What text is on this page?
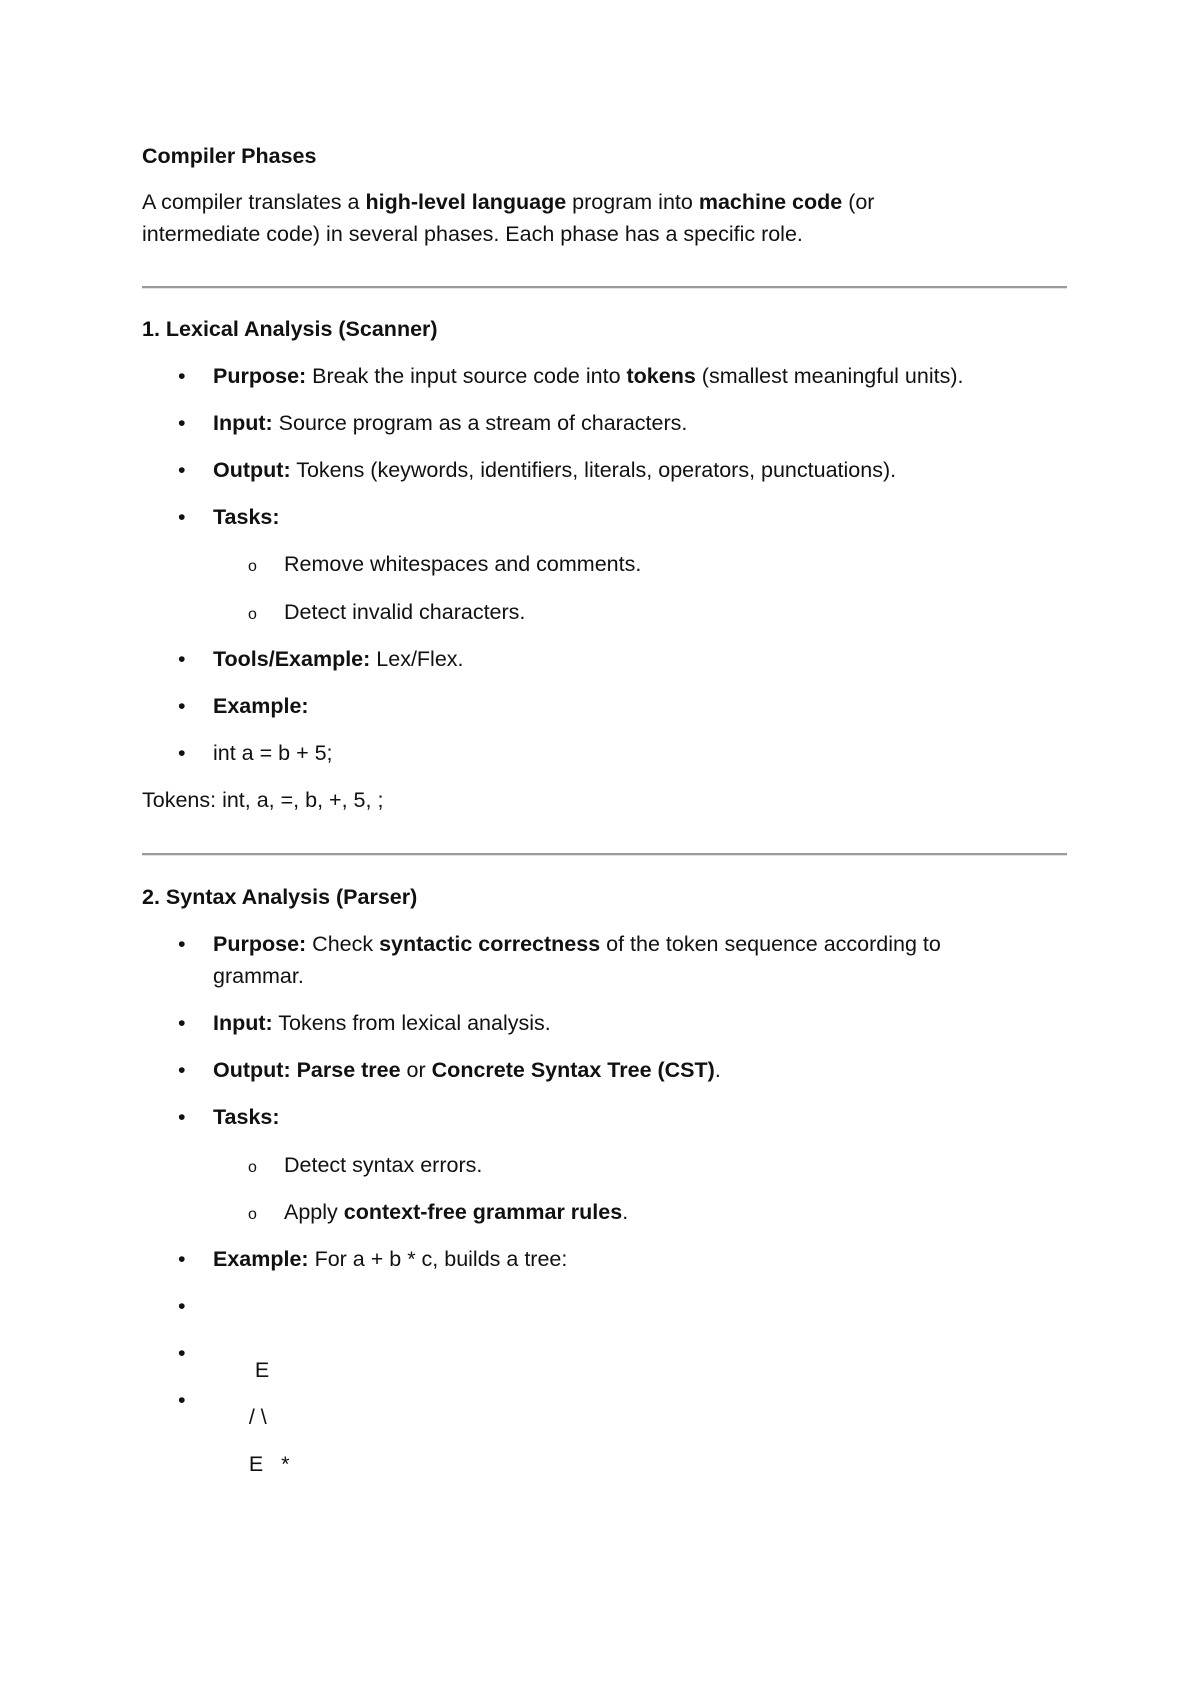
Compiler Phases
A compiler translates a high-level language program into machine code (or
intermediate code) in several phases. Each phase has a specific role.
1. Lexical Analysis (Scanner)
• Purpose: Break the input source code into tokens (smallest meaningful units).
• Input: Source program as a stream of characters.
• Output: Tokens (keywords, identifiers, literals, operators, punctuations).
• Tasks:
o Remove whitespaces and comments.
o Detect invalid characters.
• Tools/Example: Lex/Flex.
• Example:
• int a = b + 5;
Tokens: int, a, =, b, +, 5, ;
2. Syntax Analysis (Parser)
• Purpose: Check syntactic correctness of the token sequence according to
grammar.
• Input: Tokens from lexical analysis.
• Output: Parse tree or Concrete Syntax Tree (CST).
• Tasks:
o Detect syntax errors.
o Apply context-free grammar rules.
• Example: For a + b * c, builds a tree:

•

E

•

/ \

•

E   *
